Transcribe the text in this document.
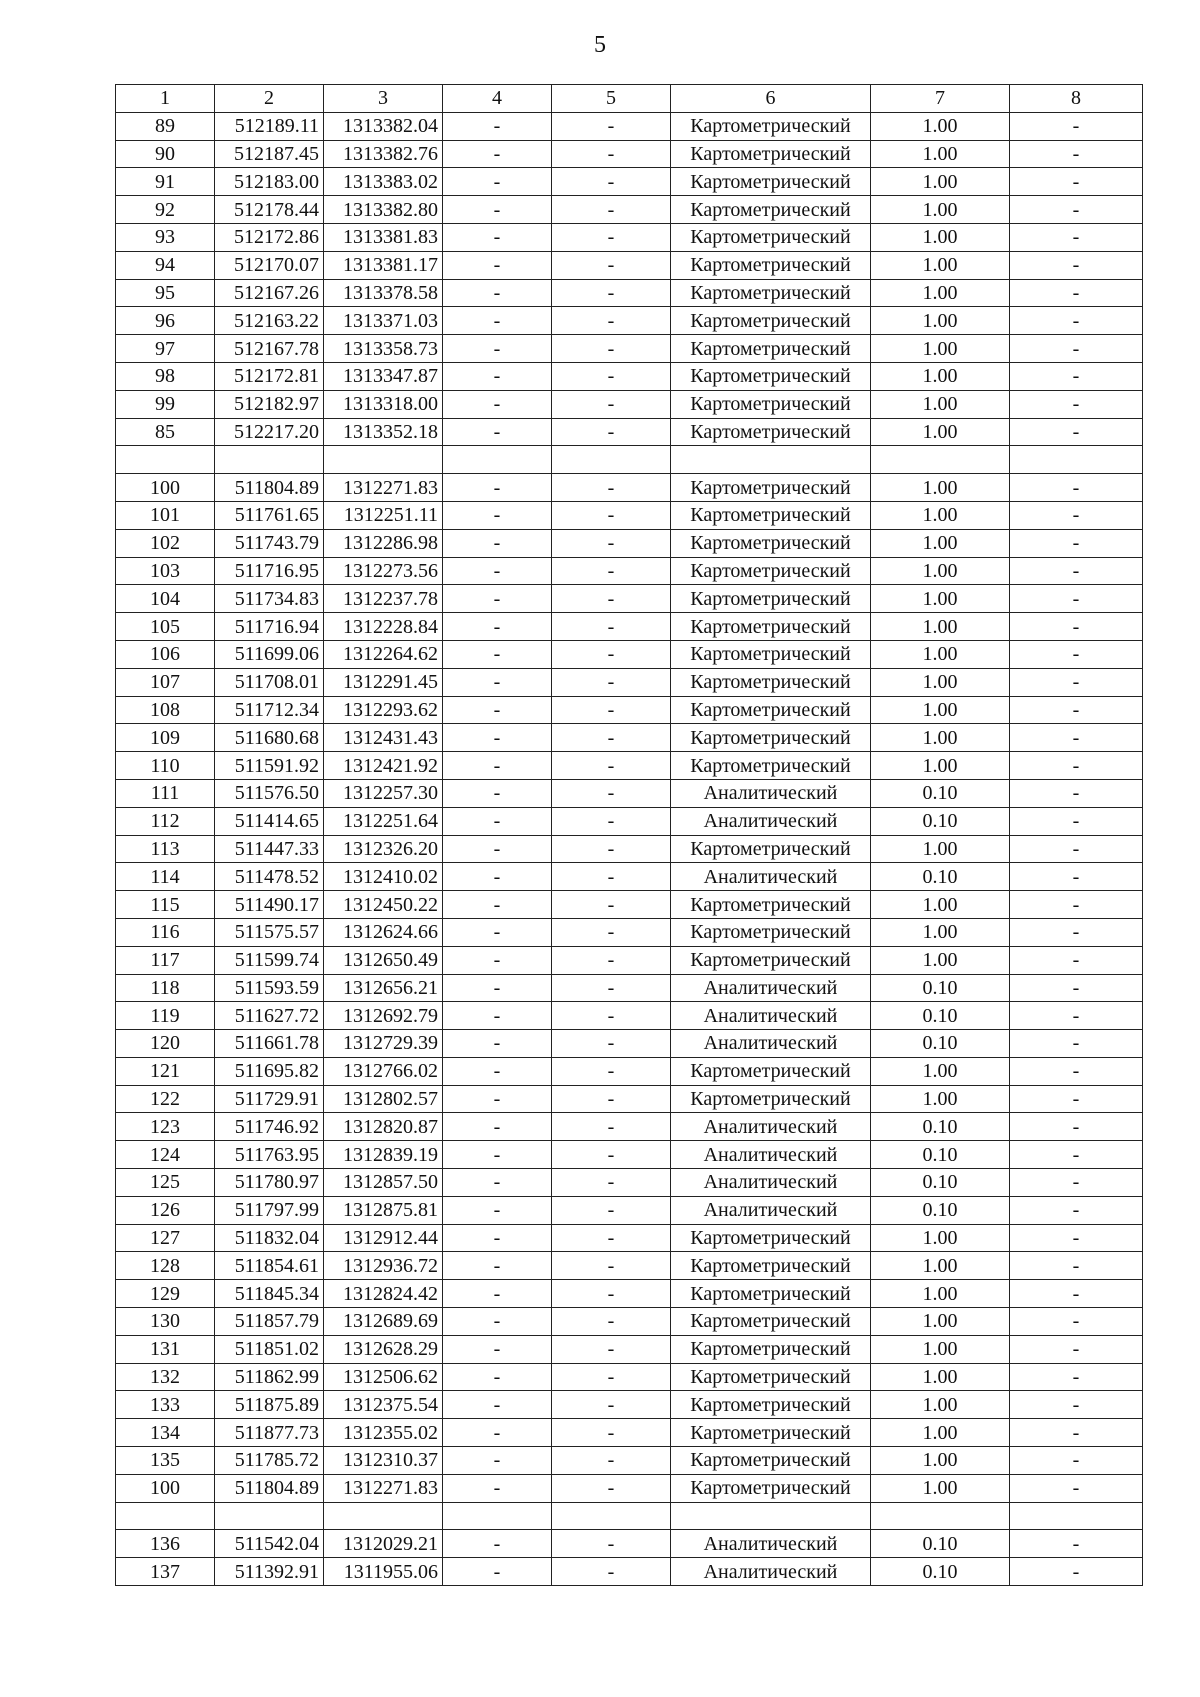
5
1	2	3	4	5	6	7	8
89	512189.11	1313382.04	-	-	Картометрический	1.00	-
90	512187.45	1313382.76	-	-	Картометрический	1.00	-
91	512183.00	1313383.02	-	-	Картометрический	1.00	-
92	512178.44	1313382.80	-	-	Картометрический	1.00	-
93	512172.86	1313381.83	-	-	Картометрический	1.00	-
94	512170.07	1313381.17	-	-	Картометрический	1.00	-
95	512167.26	1313378.58	-	-	Картометрический	1.00	-
96	512163.22	1313371.03	-	-	Картометрический	1.00	-
97	512167.78	1313358.73	-	-	Картометрический	1.00	-
98	512172.81	1313347.87	-	-	Картометрический	1.00	-
99	512182.97	1313318.00	-	-	Картометрический	1.00	-
85	512217.20	1313352.18	-	-	Картометрический	1.00	-

100	511804.89	1312271.83	-	-	Картометрический	1.00	-
101	511761.65	1312251.11	-	-	Картометрический	1.00	-
102	511743.79	1312286.98	-	-	Картометрический	1.00	-
103	511716.95	1312273.56	-	-	Картометрический	1.00	-
104	511734.83	1312237.78	-	-	Картометрический	1.00	-
105	511716.94	1312228.84	-	-	Картометрический	1.00	-
106	511699.06	1312264.62	-	-	Картометрический	1.00	-
107	511708.01	1312291.45	-	-	Картометрический	1.00	-
108	511712.34	1312293.62	-	-	Картометрический	1.00	-
109	511680.68	1312431.43	-	-	Картометрический	1.00	-
110	511591.92	1312421.92	-	-	Картометрический	1.00	-
111	511576.50	1312257.30	-	-	Аналитический	0.10	-
112	511414.65	1312251.64	-	-	Аналитический	0.10	-
113	511447.33	1312326.20	-	-	Картометрический	1.00	-
114	511478.52	1312410.02	-	-	Аналитический	0.10	-
115	511490.17	1312450.22	-	-	Картометрический	1.00	-
116	511575.57	1312624.66	-	-	Картометрический	1.00	-
117	511599.74	1312650.49	-	-	Картометрический	1.00	-
118	511593.59	1312656.21	-	-	Аналитический	0.10	-
119	511627.72	1312692.79	-	-	Аналитический	0.10	-
120	511661.78	1312729.39	-	-	Аналитический	0.10	-
121	511695.82	1312766.02	-	-	Картометрический	1.00	-
122	511729.91	1312802.57	-	-	Картометрический	1.00	-
123	511746.92	1312820.87	-	-	Аналитический	0.10	-
124	511763.95	1312839.19	-	-	Аналитический	0.10	-
125	511780.97	1312857.50	-	-	Аналитический	0.10	-
126	511797.99	1312875.81	-	-	Аналитический	0.10	-
127	511832.04	1312912.44	-	-	Картометрический	1.00	-
128	511854.61	1312936.72	-	-	Картометрический	1.00	-
129	511845.34	1312824.42	-	-	Картометрический	1.00	-
130	511857.79	1312689.69	-	-	Картометрический	1.00	-
131	511851.02	1312628.29	-	-	Картометрический	1.00	-
132	511862.99	1312506.62	-	-	Картометрический	1.00	-
133	511875.89	1312375.54	-	-	Картометрический	1.00	-
134	511877.73	1312355.02	-	-	Картометрический	1.00	-
135	511785.72	1312310.37	-	-	Картометрический	1.00	-
100	511804.89	1312271.83	-	-	Картометрический	1.00	-

136	511542.04	1312029.21	-	-	Аналитический	0.10	-
137	511392.91	1311955.06	-	-	Аналитический	0.10	-
